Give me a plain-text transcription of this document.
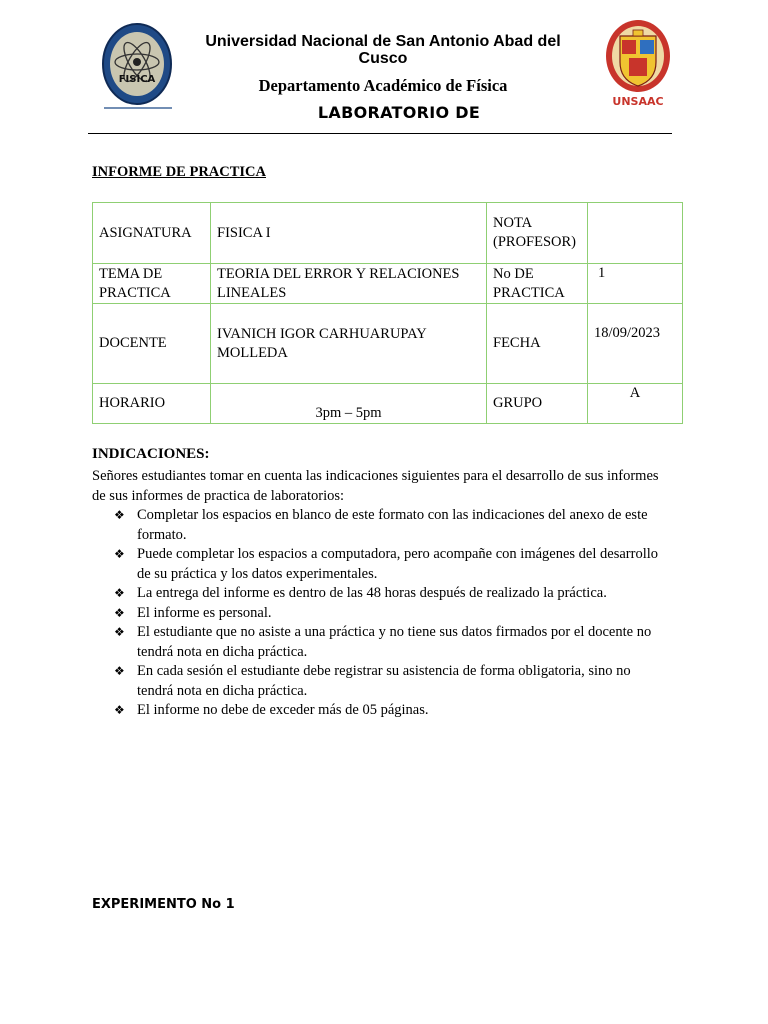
FISICA
Universidad Nacional de San Antonio Abad del Cusco
Departamento Académico de Física
LABORATORIO DE
UNSAAC
INFORME DE PRACTICA
ASIGNATURA	FISICA I	NOTA (PROFESOR)	
TEMA DE PRACTICA	TEORIA DEL ERROR Y RELACIONES LINEALES	No DE PRACTICA	1
DOCENTE	IVANICH IGOR CARHUARUPAY MOLLEDA	FECHA	18/09/2023
HORARIO	3pm – 5pm	GRUPO	A
INDICACIONES:
Señores estudiantes tomar en cuenta las indicaciones siguientes para el desarrollo de sus informes de sus informes de practica de laboratorios:
❖ Completar los espacios en blanco de este formato con las indicaciones del anexo de este formato.
❖ Puede completar los espacios a computadora, pero acompañe con imágenes del desarrollo de su práctica y los datos experimentales.
❖ La entrega del informe es dentro de las 48 horas después de realizado la práctica.
❖ El informe es personal.
❖ El estudiante que no asiste a una práctica y no tiene sus datos firmados por el docente no tendrá nota en dicha práctica.
❖ En cada sesión el estudiante debe registrar su asistencia de forma obligatoria, sino no tendrá nota en dicha práctica.
❖ El informe no debe de exceder más de 05 páginas.
EXPERIMENTO No 1
